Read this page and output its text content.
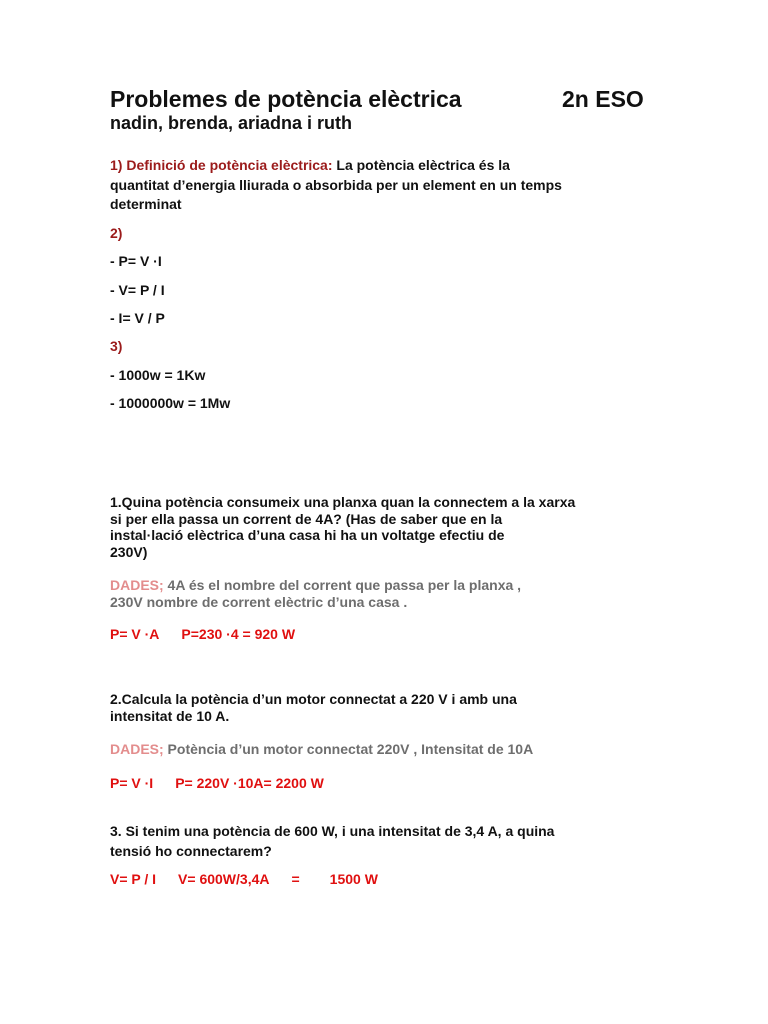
Problemes de potència elèctrica	2n ESO
nadin, brenda, ariadna i ruth
1) Definició de potència elèctrica: La potència elèctrica és la
quantitat d’energia lliurada o absorbida per un element en un temps
determinat
2)
- P= V ·I
- V= P / I
- I= V / P
3)
- 1000w = 1Kw
- 1000000w = 1Mw
1.Quina potència consumeix una planxa quan la connectem a la xarxa
si per ella passa un corrent de 4A? (Has de saber que en la
instal·lació elèctrica d’una casa hi ha un voltatge efectiu de
230V)
DADES; 4A és el nombre del corrent que passa per la planxa ,
230V nombre de corrent elèctric d’una casa .
P= V ·A P=230 ·4 = 920 W
2.Calcula la potència d’un motor connectat a 220 V i amb una
intensitat de 10 A.
DADES; Potència d’un motor connectat 220V , Intensitat de 10A
P= V ·I P= 220V ·10A= 2200 W
3. Si tenim una potència de 600 W, i una intensitat de 3,4 A, a quina
tensió ho connectarem?
V= P / I V= 600W/3,4A = 1500 W
